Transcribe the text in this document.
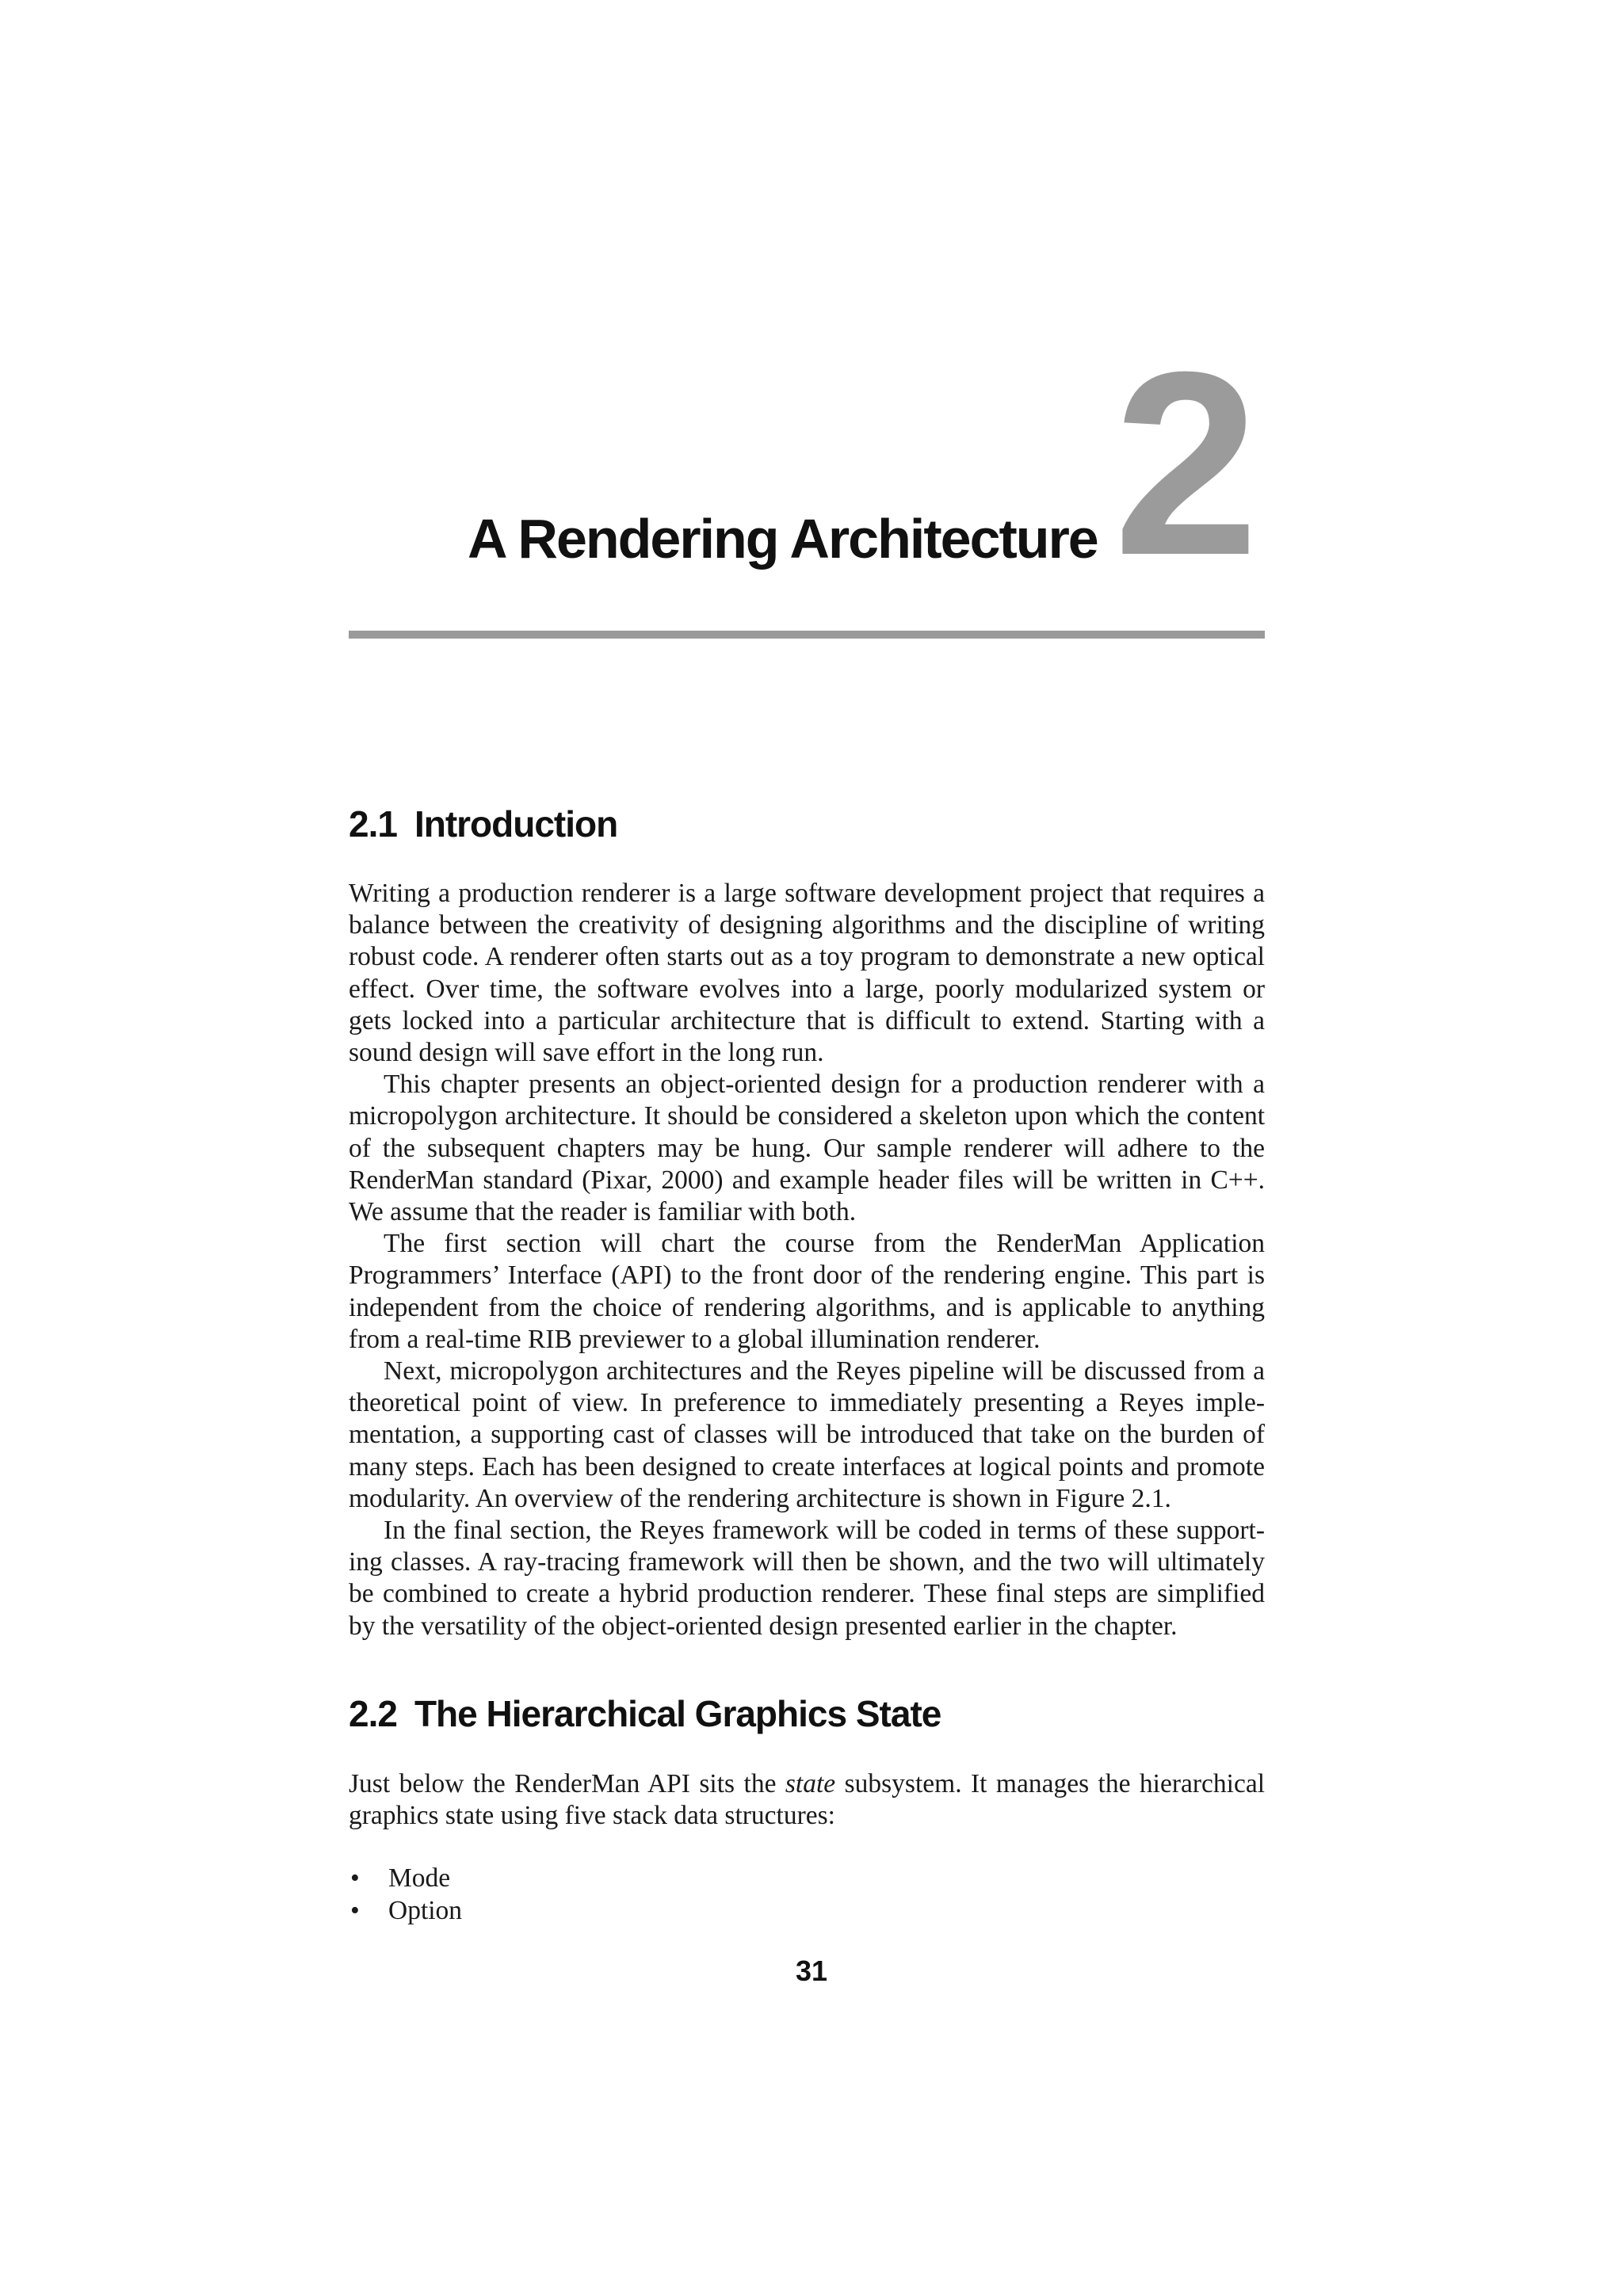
A Rendering Architecture 2
2.1 Introduction

Writing a production renderer is a large software development project that requires a balance between the creativity of designing algorithms and the discipline of writing robust code. A renderer often starts out as a toy program to demonstrate a new optical effect. Over time, the software evolves into a large, poorly modularized system or gets locked into a particular architecture that is difficult to extend. Starting with a sound design will save effort in the long run.

This chapter presents an object-oriented design for a production renderer with a micropolygon architecture. It should be considered a skeleton upon which the content of the subsequent chapters may be hung. Our sample renderer will adhere to the RenderMan standard (Pixar, 2000) and example header files will be written in C++. We assume that the reader is familiar with both.

The first section will chart the course from the RenderMan Application Programmers’ Interface (API) to the front door of the rendering engine. This part is independent from the choice of rendering algorithms, and is applicable to anything from a real-time RIB previewer to a global illumination renderer.

Next, micropolygon architectures and the Reyes pipeline will be discussed from a theoretical point of view. In preference to immediately presenting a Reyes implementation, a supporting cast of classes will be introduced that take on the burden of many steps. Each has been designed to create interfaces at logical points and promote modularity. An overview of the rendering architecture is shown in Figure 2.1.

In the final section, the Reyes framework will be coded in terms of these supporting classes. A ray-tracing framework will then be shown, and the two will ultimately be combined to create a hybrid production renderer. These final steps are simplified by the versatility of the object-oriented design presented earlier in the chapter.

2.2 The Hierarchical Graphics State

Just below the RenderMan API sits the state subsystem. It manages the hierarchical graphics state using five stack data structures:

• Mode
• Option
31
